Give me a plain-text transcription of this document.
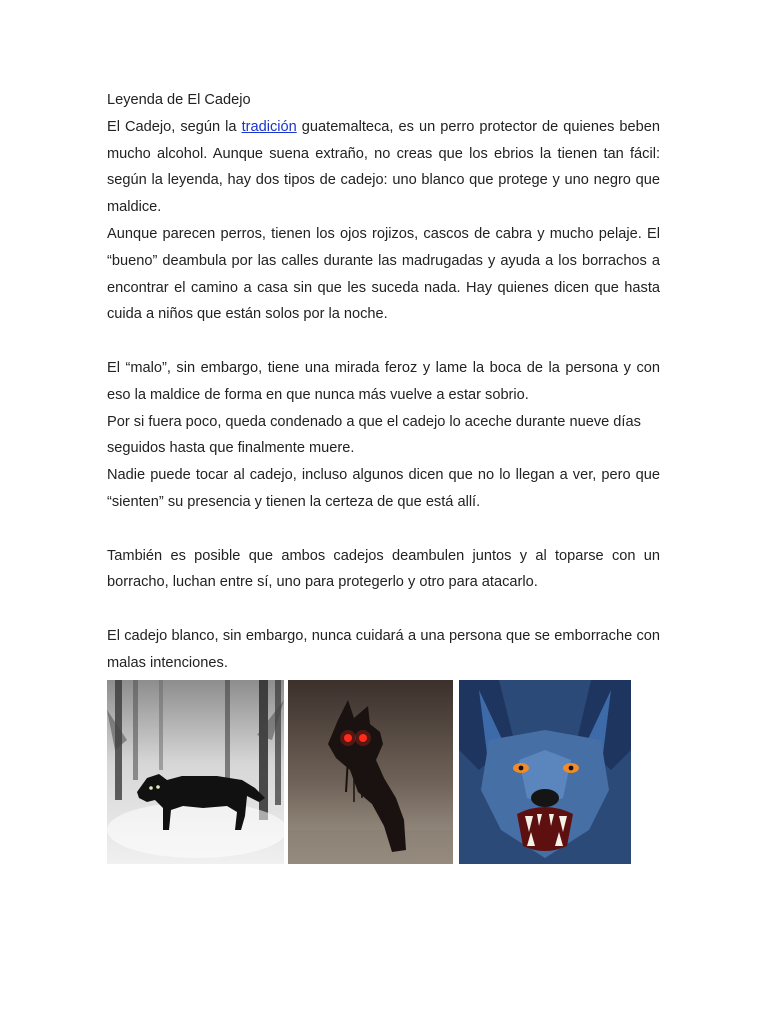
Leyenda de El Cadejo

El Cadejo, según la tradición guatemalteca, es un perro protector de quienes beben mucho alcohol. Aunque suena extraño, no creas que los ebrios la tienen tan fácil: según la leyenda, hay dos tipos de cadejo: uno blanco que protege y uno negro que maldice.

Aunque parecen perros, tienen los ojos rojizos, cascos de cabra y mucho pelaje. El “bueno” deambula por las calles durante las madrugadas y ayuda a los borrachos a encontrar el camino a casa sin que les suceda nada. Hay quienes dicen que hasta cuida a niños que están solos por la noche.

El “malo”, sin embargo, tiene una mirada feroz y lame la boca de la persona y con eso la maldice de forma en que nunca más vuelve a estar sobrio.

Por si fuera poco, queda condenado a que el cadejo lo aceche durante nueve días seguidos hasta que finalmente muere.

Nadie puede tocar al cadejo, incluso algunos dicen que no lo llegan a ver, pero que “sienten” su presencia y tienen la certeza de que está allí.

También es posible que ambos cadejos deambulen juntos y al toparse con un borracho, luchan entre sí, uno para protegerlo y otro para atacarlo.

El cadejo blanco, sin embargo, nunca cuidará a una persona que se emborrache con malas intenciones.
